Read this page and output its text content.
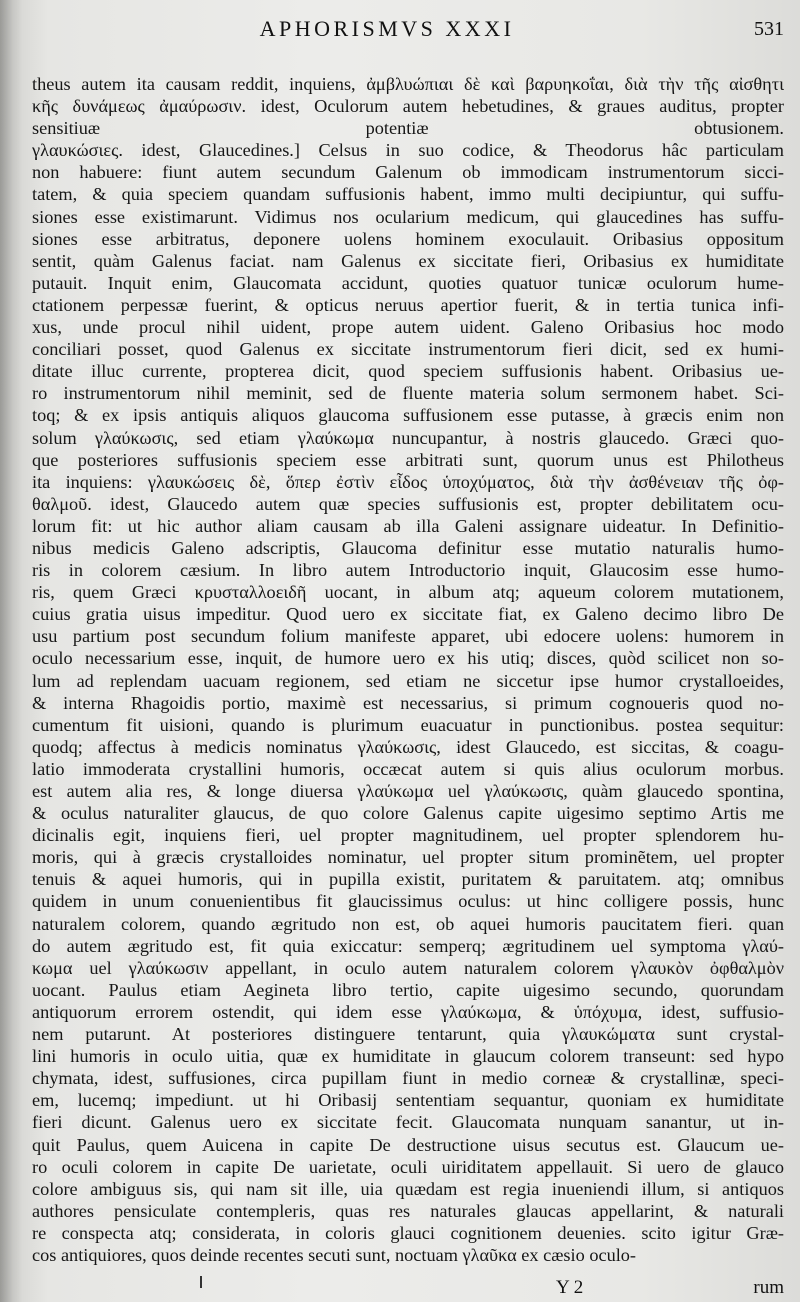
APHORISMVS XXXI	531
theus autem ita causam reddit, inquiens, ἀμβλυώπιαι δὲ καὶ βαρυηκοΐαι, διὰ τὴν τῆς αἰσθητι
κῆς δυνάμεως ἀμαύρωσιν. idest, Oculorum autem hebetudines, & graues auditus, propter
sensitiuæ potentiæ obtusionem.
γλαυκώσιες. idest, Glaucedines.] Celsus in suo codice, & Theodorus hâc particulam
non habuere: fiunt autem secundum Galenum ob immodicam instrumentorum sicci-
tatem, & quia speciem quandam suffusionis habent, immo multi decipiuntur, qui suffu-
siones esse existimarunt. Vidimus nos ocularium medicum, qui glaucedines has suffu-
siones esse arbitratus, deponere uolens hominem exoculauit. Oribasius oppositum
sentit, quàm Galenus faciat. nam Galenus ex siccitate fieri, Oribasius ex humiditate
putauit. Inquit enim, Glaucomata accidunt, quoties quatuor tunicæ oculorum hume-
ctationem perpessæ fuerint, & opticus neruus apertior fuerit, & in tertia tunica infi-
xus, unde procul nihil uident, prope autem uident. Galeno Oribasius hoc modo
conciliari posset, quod Galenus ex siccitate instrumentorum fieri dicit, sed ex humi-
ditate illuc currente, propterea dicit, quod speciem suffusionis habent. Oribasius ue-
ro instrumentorum nihil meminit, sed de fluente materia solum sermonem habet. Sci-
toq; & ex ipsis antiquis aliquos glaucoma suffusionem esse putasse, à græcis enim non
solum γλαύκωσις, sed etiam γλαύκωμα nuncupantur, à nostris glaucedo. Græci quo-
que posteriores suffusionis speciem esse arbitrati sunt, quorum unus est Philotheus
ita inquiens: γλαυκώσεις δὲ, ὅπερ ἐστὶν εἶδος ὑποχύματος, διὰ τὴν ἀσθένειαν τῆς ὀφ-
θαλμοῦ. idest, Glaucedo autem quæ species suffusionis est, propter debilitatem ocu-
lorum fit: ut hic author aliam causam ab illa Galeni assignare uideatur. In Definitio-
nibus medicis Galeno adscriptis, Glaucoma definitur esse mutatio naturalis humo-
ris in colorem cæsium. In libro autem Introductorio inquit, Glaucosim esse humo-
ris, quem Græci κρυσταλλοειδῆ uocant, in album atq; aqueum colorem mutationem,
cuius gratia uisus impeditur. Quod uero ex siccitate fiat, ex Galeno decimo libro De
usu partium post secundum folium manifeste apparet, ubi edocere uolens: humorem in
oculo necessarium esse, inquit, de humore uero ex his utiq; disces, quòd scilicet non so-
lum ad replendam uacuam regionem, sed etiam ne siccetur ipse humor crystalloeides,
& interna Rhagoidis portio, maximè est necessarius, si primum cognoueris quod no-
cumentum fit uisioni, quando is plurimum euacuatur in punctionibus. postea sequitur:
quodq; affectus à medicis nominatus γλαύκωσις, idest Glaucedo, est siccitas, & coagu-
latio immoderata crystallini humoris, occæcat autem si quis alius oculorum morbus.
est autem alia res, & longe diuersa γλαύκωμα uel γλαύκωσις, quàm glaucedo spontina,
& oculus naturaliter glaucus, de quo colore Galenus capite uigesimo septimo Artis me
dicinalis egit, inquiens fieri, uel propter magnitudinem, uel propter splendorem hu-
moris, qui à græcis crystalloides nominatur, uel propter situm prominẽtem, uel propter
tenuis & aquei humoris, qui in pupilla existit, puritatem & paruitatem. atq; omnibus
quidem in unum conuenientibus fit glaucissimus oculus: ut hinc colligere possis, hunc
naturalem colorem, quando ægritudo non est, ob aquei humoris paucitatem fieri. quan
do autem ægritudo est, fit quia exiccatur: semperq; ægritudinem uel symptoma γλαύ-
κωμα uel γλαύκωσιν appellant, in oculo autem naturalem colorem γλαυκὸν ὀφθαλμὸν
uocant. Paulus etiam Aegineta libro tertio, capite uigesimo secundo, quorundam
antiquorum errorem ostendit, qui idem esse γλαύκωμα, & ὑπόχυμα, idest, suffusio-
nem putarunt. At posteriores distinguere tentarunt, quia γλαυκώματα sunt crystal-
lini humoris in oculo uitia, quæ ex humiditate in glaucum colorem transeunt: sed hypo
chymata, idest, suffusiones, circa pupillam fiunt in medio corneæ & crystallinæ, speci-
em, lucemq; impediunt. ut hi Oribasij sententiam sequantur, quoniam ex humiditate
fieri dicunt. Galenus uero ex siccitate fecit. Glaucomata nunquam sanantur, ut in-
quit Paulus, quem Auicena in capite De destructione uisus secutus est. Glaucum ue-
ro oculi colorem in capite De uarietate, oculi uiriditatem appellauit. Si uero de glauco
colore ambiguus sis, qui nam sit ille, uia quædam est regia inueniendi illum, si antiquos
authores pensiculate contempleris, quas res naturales glaucas appellarint, & naturali
re conspecta atq; considerata, in coloris glauci cognitionem deuenies. scito igitur Græ-
cos antiquiores, quos deinde recentes secuti sunt, noctuam γλαῦκα ex cæsio oculo-
Y 2	rum
